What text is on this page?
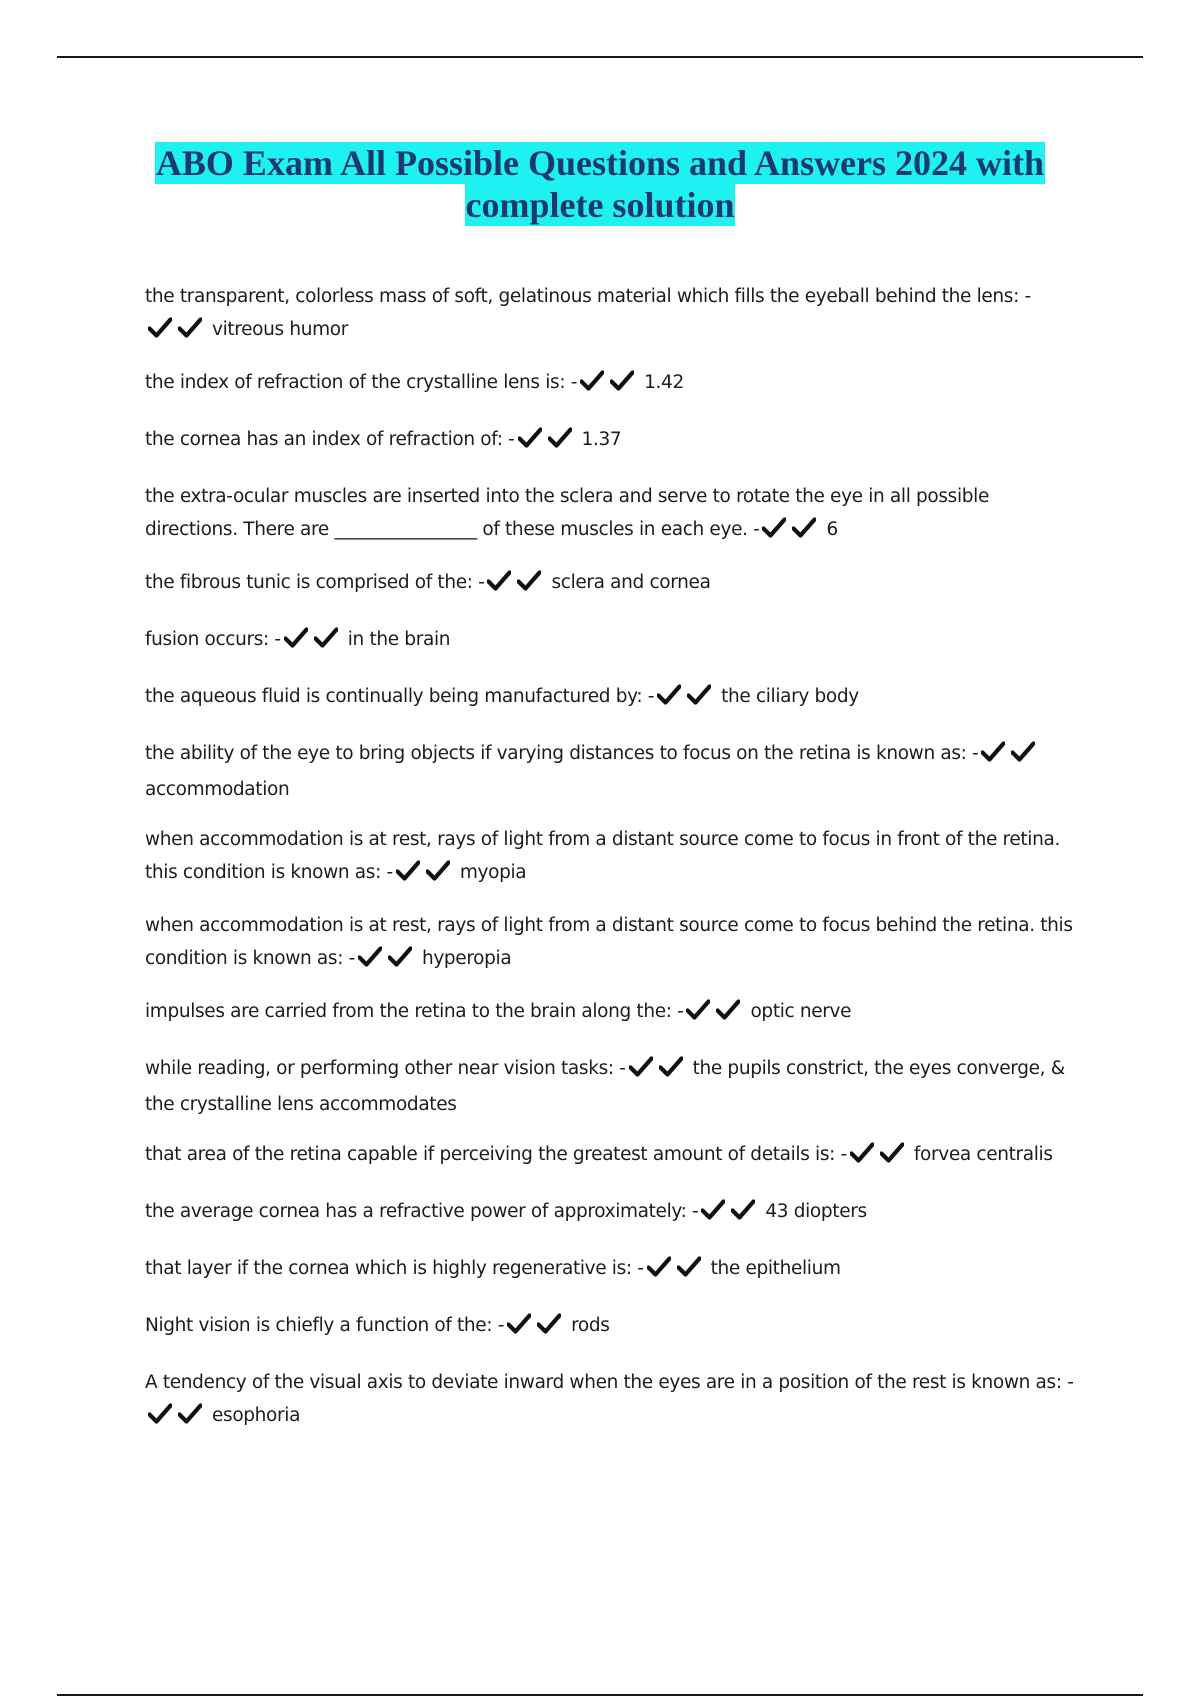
ABO Exam All Possible Questions and Answers 2024 with complete solution

the transparent, colorless mass of soft, gelatinous material which fills the eyeball behind the lens: -
vitreous humor

the index of refraction of the crystalline lens is: -	1.42

the cornea has an index of refraction of: -	1.37

the extra-ocular muscles are inserted into the sclera and serve to rotate the eye in all possible directions. There are ________________ of these muscles in each eye. -	6

the fibrous tunic is comprised of the: -	sclera and cornea

fusion occurs: -	in the brain

the aqueous fluid is continually being manufactured by: -	the ciliary body

the ability of the eye to bring objects if varying distances to focus on the retina is known as: -
accommodation

when accommodation is at rest, rays of light from a distant source come to focus in front of the retina. this condition is known as: -	myopia

when accommodation is at rest, rays of light from a distant source come to focus behind the retina. this condition is known as: -	hyperopia

impulses are carried from the retina to the brain along the: -	optic nerve

while reading, or performing other near vision tasks: -	the pupils constrict, the eyes converge, & the crystalline lens accommodates

that area of the retina capable if perceiving the greatest amount of details is: -	forvea centralis

the average cornea has a refractive power of approximately: -	43 diopters

that layer if the cornea which is highly regenerative is: -	the epithelium

Night vision is chiefly a function of the: -	rods

A tendency of the visual axis to deviate inward when the eyes are in a position of the rest is known as: -
esophoria
